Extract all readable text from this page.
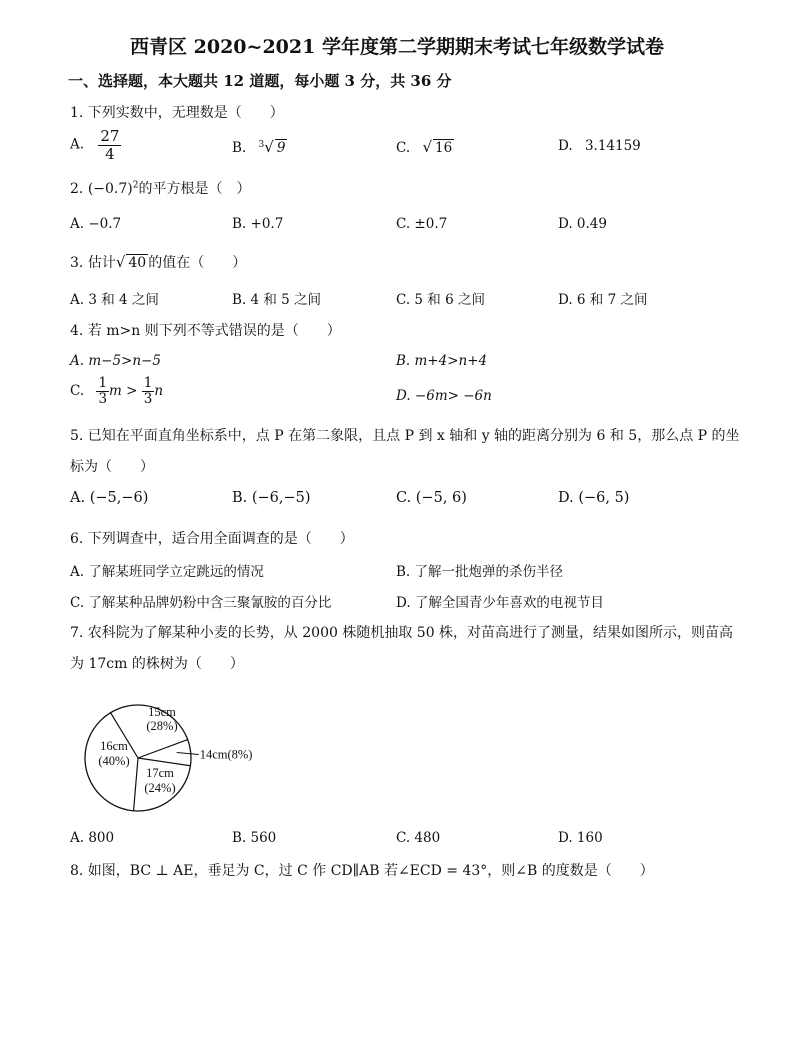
西青区 2020~2021 学年度第二学期期末考试七年级数学试卷
一、选择题，本大题共 12 道题，每小题 3 分，共 36 分
1. 下列实数中，无理数是（　　）
A. $\frac{27}{4}$	B. $^3$√ 9	C. √ 16	D. 3.14159
2. $(-0.7)^2$的平方根是（　）
A. −0.7	B. +0.7	C. ±0.7	D. 0.49
3. 估计√ 40 的值在（　　）
A. 3 和 4 之间	B. 4 和 5 之间	C. 5 和 6 之间	D. 6 和 7 之间
4. 若 m>n 则下列不等式错误的是（　　）
A. m−5>n−5	B. m+4>n+4
C. $\frac{1}{3}$ $m > \frac{1}{3}$ n	D. −6m> −6n
5. 已知在平面直角坐标系中，点 P 在第二象限，且点 P 到 x 轴和 y 轴的距离分别为 6 和 5，那么点 P 的坐
标为（　　）
A. (−5,−6)	B. (−6,−5)	C. (−5, 6)	D. (−6, 5)
6. 下列调查中，适合用全面调查的是（　　）
A. 了解某班同学立定跳远的情况	B. 了解一批炮弹的杀伤半径
C. 了解某种品牌奶粉中含三聚氰胺的百分比	D. 了解全国青少年喜欢的电视节目
7. 农科院为了解某种小麦的长势，从 2000 株随机抽取 50 株，对苗高进行了测量，结果如图所示，则苗高
为 17cm 的株树为（　　）
15cm
(28%)
16cm
(40%)
17cm
(24%)
14cm(8%)
A. 800	B. 560	C. 480	D. 160
8. 如图，BC ⊥ AE，垂足为 C，过 C 作 CD∥AB 若∠ECD = 43°，则∠B 的度数是（　　）
